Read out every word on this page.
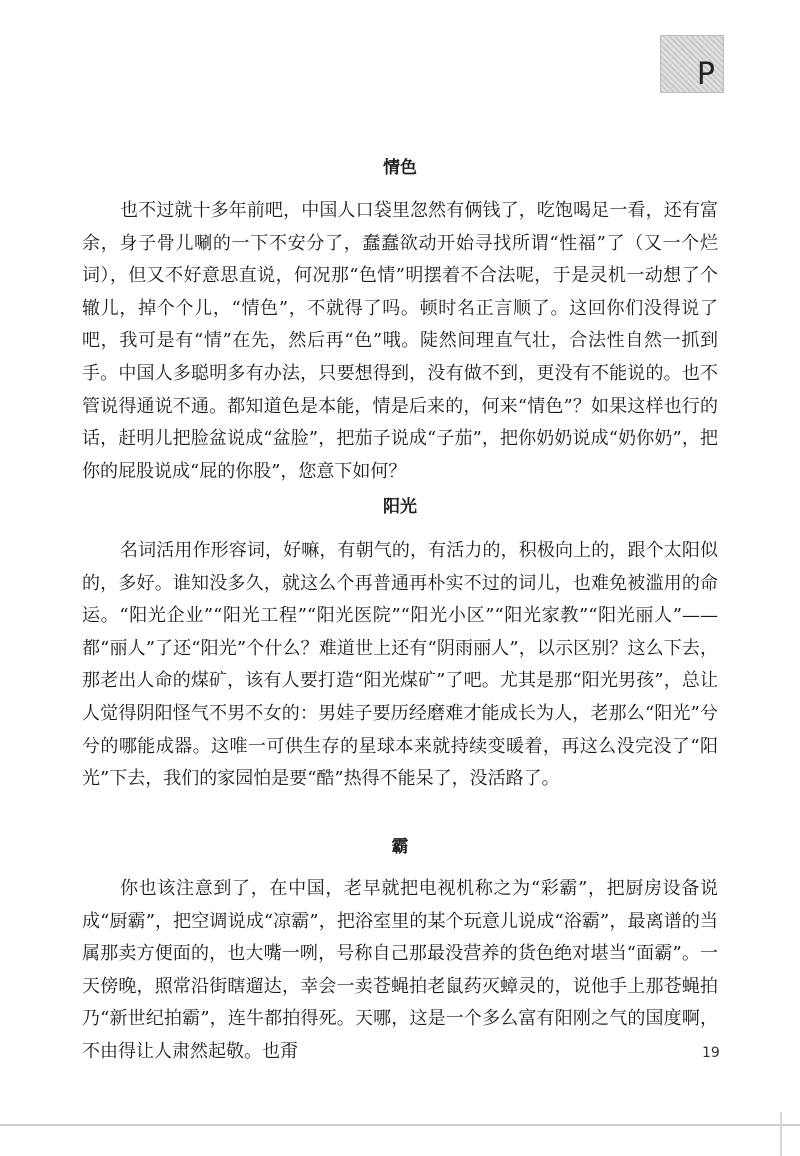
P
情色

也不过就十多年前吧，中国人口袋里忽然有俩钱了，吃饱喝足一看，还有富余，身子骨儿唰的一下不安分了，蠢蠢欲动开始寻找所谓“性福”了（又一个烂词），但又不好意思直说，何况那“色情”明摆着不合法呢，于是灵机一动想了个辙儿，掉个个儿，“情色”，不就得了吗。顿时名正言顺了。这回你们没得说了吧，我可是有“情”在先，然后再“色”哦。陡然间理直气壮，合法性自然一抓到手。中国人多聪明多有办法，只要想得到，没有做不到，更没有不能说的。也不管说得通说不通。都知道色是本能，情是后来的，何来“情色”？如果这样也行的话，赶明儿把脸盆说成“盆脸”，把茄子说成“子茄”，把你奶奶说成“奶你奶”，把你的屁股说成“屁的你股”，您意下如何？

阳光

名词活用作形容词，好嘛，有朝气的，有活力的，积极向上的，跟个太阳似的，多好。谁知没多久，就这么个再普通再朴实不过的词儿，也难免被滥用的命运。“阳光企业”“阳光工程”“阳光医院”“阳光小区”“阳光家教”“阳光丽人”——都“丽人”了还“阳光”个什么？难道世上还有“阴雨丽人”，以示区别？这么下去，那老出人命的煤矿，该有人要打造“阳光煤矿”了吧。尤其是那“阳光男孩”，总让人觉得阴阳怪气不男不女的：男娃子要历经磨难才能成长为人，老那么“阳光”兮兮的哪能成器。这唯一可供生存的星球本来就持续变暖着，再这么没完没了“阳光”下去，我们的家园怕是要“酷”热得不能呆了，没活路了。

霸

你也该注意到了，在中国，老早就把电视机称之为“彩霸”，把厨房设备说成“厨霸”，把空调说成“凉霸”，把浴室里的某个玩意儿说成“浴霸”，最离谱的当属那卖方便面的，也大嘴一咧，号称自己那最没营养的货色绝对堪当“面霸”。一天傍晚，照常沿街瞎遛达，幸会一卖苍蝇拍老鼠药灭蟑灵的，说他手上那苍蝇拍乃“新世纪拍霸”，连牛都拍得死。天哪，这是一个多么富有阳刚之气的国度啊，不由得让人肃然起敬。也甭	19
